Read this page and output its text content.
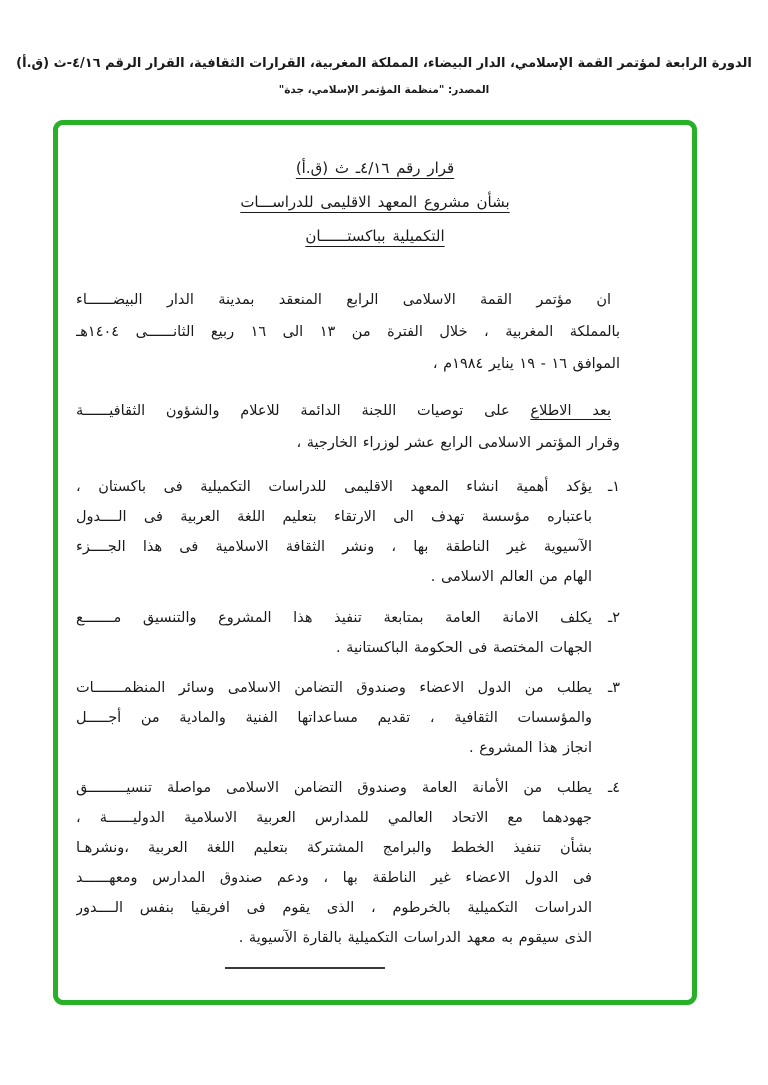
الدورة الرابعة لمؤتمر القمة الإسلامي، الدار البيضاء، المملكة المغربية، القرارات الثقافية، القرار الرقم ٤/١٦-ث (ق.أ)
المصدر: "منظمة المؤتمر الإسلامي، جدة"
قرار رقم ٤/١٦ـ ث (ق.أ)
بشأن مشروع المعهد الاقليمى للدراســـات
التكميلية بباكستــــــان
ان مؤتمر القمة الاسلامى الرابع المنعقد بمدينة الدار البيضــــــاء
بالمملكة المغربية ، خلال الفترة من ١٣ الى ١٦ ربيع الثانــــــى ١٤٠٤هـ
الموافق ١٦ - ١٩ يناير ١٩٨٤م ،
بعد الاطلاع على توصيات اللجنة الدائمة للاعلام والشؤون الثقافيــــــة
وقرار المؤتمر الاسلامى الرابع عشر لوزراء الخارجية ،
١ـ
يؤكد أهمية انشاء المعهد الاقليمى للدراسات التكميلية فى باكستان ،
باعتباره مؤسسة تهدف الى الارتقاء بتعليم اللغة العربية فى الــــدول
الآسيوية غير الناطقة بها ، ونشر الثقافة الاسلامية فى هذا الجــــزء
الهام من العالم الاسلامى .
٢ـ
يكلف الامانة العامة بمتابعة تنفيذ هذا المشروع والتنسيق مـــــــع
الجهات المختصة فى الحكومة الباكستانية .
٣ـ
يطلب من الدول الاعضاء وصندوق التضامن الاسلامى وسائر المنظمـــــــات
والمؤسسات الثقافية ، تقديم مساعداتها الفنية والمادية من أجـــــل
انجاز هذا المشروع .
٤ـ
يطلب من الأمانة العامة وصندوق التضامن الاسلامى مواصلة تنسيـــــــــق
جهودهما مع الاتحاد العالمي للمدارس العربية الاسلامية الدوليــــــة ،
بشأن تنفيذ الخطط والبرامج المشتركة بتعليم اللغة العربية ،ونشرهـا
فى الدول الاعضاء غير الناطقة بها ، ودعم صندوق المدارس ومعهــــــد
الدراسات التكميلية بالخرطوم ، الذى يقوم فى افريقيا بنفس الــــدور
الذى سيقوم به معهد الدراسات التكميلية بالقارة الآسيوية .
